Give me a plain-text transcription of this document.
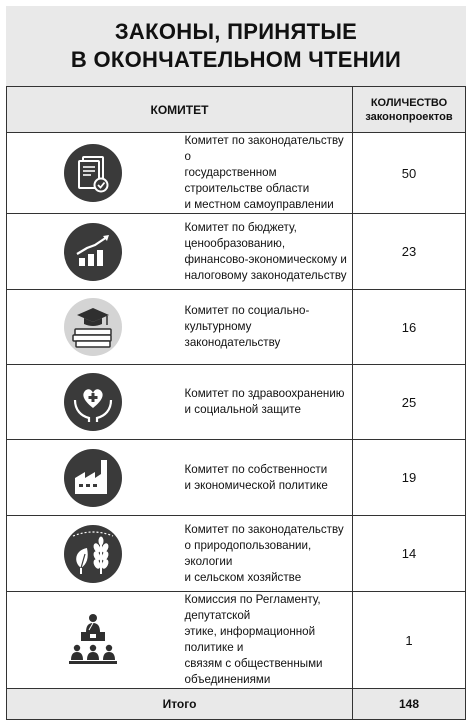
ЗАКОНЫ, ПРИНЯТЫЕ
В ОКОНЧАТЕЛЬНОМ ЧТЕНИИ
КОМИТЕТ		КОЛИЧЕСТВО
законопроектов

Комитет по законодательству о
государственном строительстве области
и местном самоуправлении	50

Комитет по бюджету, ценообразованию,
финансово-экономическому и
налоговому законодательству	23

Комитет по социально-культурному
законодательству	16

Комитет по здравоохранению
и социальной защите	25

Комитет по собственности
и экономической политике	19

Комитет по законодательству
о природопользовании, экологии
и сельском хозяйстве	14

Комиссия по Регламенту, депутатской
этике, информационной политике и
связям с общественными объединениями	1
Итого		148
